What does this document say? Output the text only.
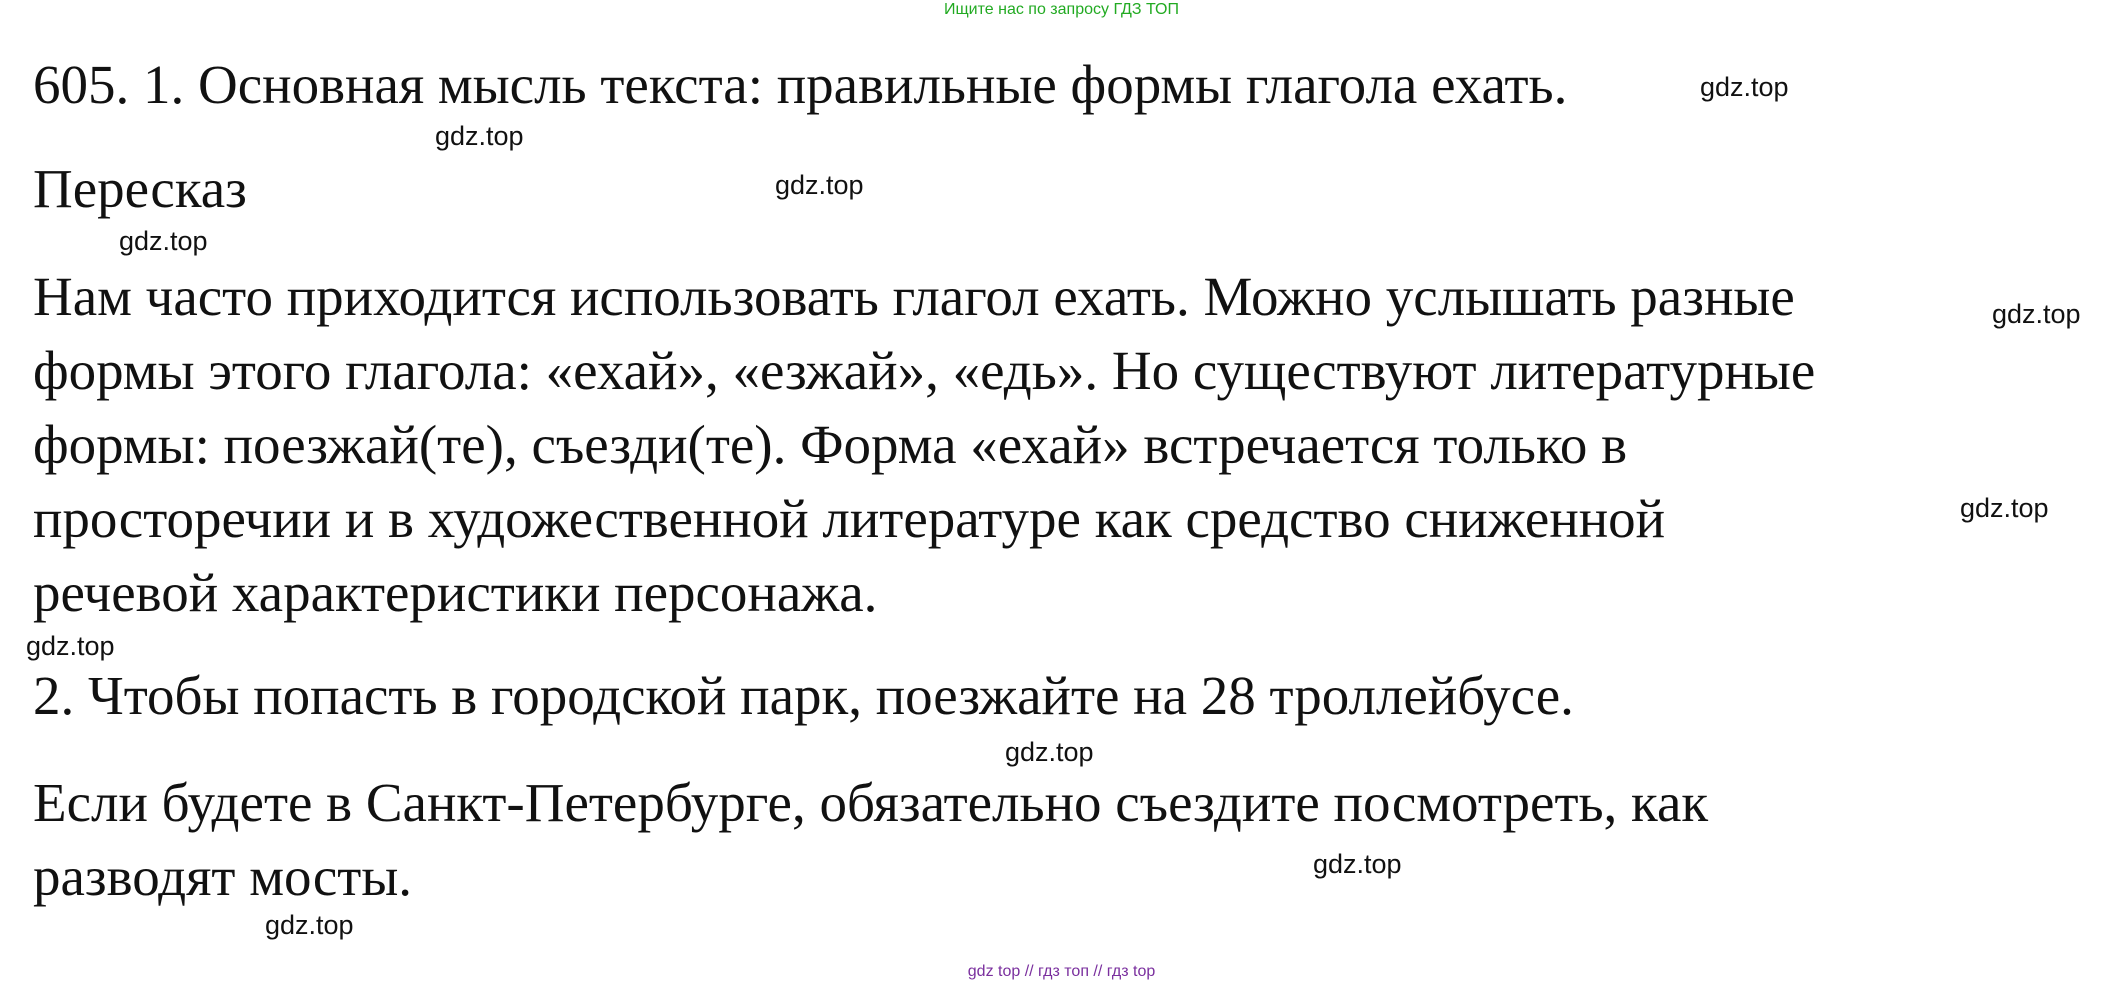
Ищите нас по запросу ГДЗ ТОП
605. 1. Основная мысль текста: правильные формы глагола ехать.
Пересказ
Нам часто приходится использовать глагол ехать. Можно услышать разные
формы этого глагола: «ехай», «езжай», «едь». Но существуют литературные
формы: поезжай(те), съезди(те). Форма «ехай» встречается только в
просторечии и в художественной литературе как средство сниженной
речевой характеристики персонажа.
2. Чтобы попасть в городской парк, поезжайте на 28 троллейбусе.
Если будете в Санкт-Петербурге, обязательно съездите посмотреть, как
разводят мосты.
gdz.top
gdz.top
gdz.top
gdz.top
gdz.top
gdz.top
gdz.top
gdz.top
gdz.top
gdz.top
gdz top // гдз топ // гдз top
